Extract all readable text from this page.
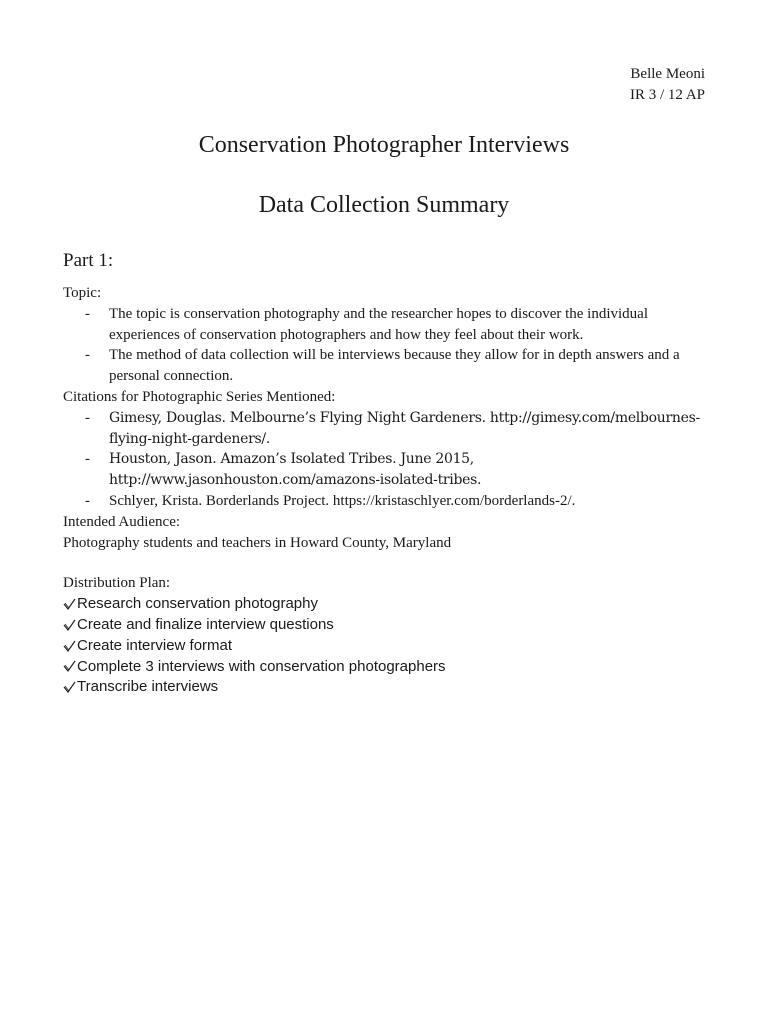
Belle Meoni
IR 3 / 12 AP
Conservation Photographer Interviews
Data Collection Summary
Part 1:
Topic:
- The topic is conservation photography and the researcher hopes to discover the individual experiences of conservation photographers and how they feel about their work.
- The method of data collection will be interviews because they allow for in depth answers and a personal connection.
Citations for Photographic Series Mentioned:
- Gimesy, Douglas. Melbourne’s Flying Night Gardeners. http://gimesy.com/melbournes-flying-night-gardeners/.
- Houston, Jason. Amazon’s Isolated Tribes. June 2015, http://www.jasonhouston.com/amazons-isolated-tribes.
- Schlyer, Krista. Borderlands Project. https://kristaschlyer.com/borderlands-2/.
Intended Audience:
Photography students and teachers in Howard County, Maryland
Distribution Plan:
Research conservation photography
Create and finalize interview questions
Create interview format
Complete 3 interviews with conservation photographers
Transcribe interviews
